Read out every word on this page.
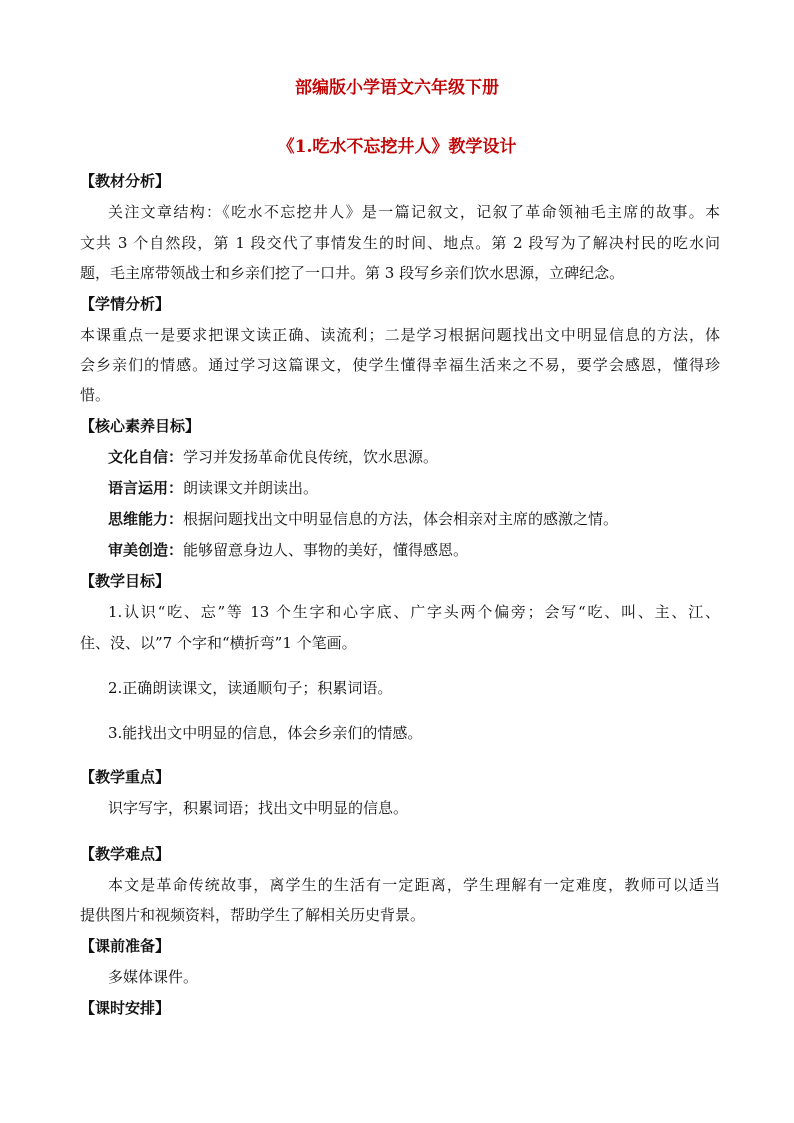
部编版小学语文六年级下册
《1.吃水不忘挖井人》教学设计
【教材分析】
关注文章结构：《吃水不忘挖井人》是一篇记叙文，记叙了革命领袖毛主席的故事。本
文共 3 个自然段，第 1 段交代了事情发生的时间、地点。第 2 段写为了解决村民的吃水问
题，毛主席带领战士和乡亲们挖了一口井。第 3 段写乡亲们饮水思源，立碑纪念。
【学情分析】
本课重点一是要求把课文读正确、读流利；二是学习根据问题找出文中明显信息的方法，体
会乡亲们的情感。通过学习这篇课文，使学生懂得幸福生活来之不易，要学会感恩，懂得珍
惜。
【核心素养目标】
文化自信：学习并发扬革命优良传统，饮水思源。
语言运用：朗读课文并朗读出。
思维能力：根据问题找出文中明显信息的方法，体会相亲对主席的感激之情。
审美创造：能够留意身边人、事物的美好，懂得感恩。
【教学目标】
1.认识“吃、忘”等 13 个生字和心字底、广字头两个偏旁；会写“吃、叫、主、江、
住、没、以”7 个字和“横折弯”1 个笔画。
2.正确朗读课文，读通顺句子；积累词语。
3.能找出文中明显的信息，体会乡亲们的情感。
【教学重点】
识字写字，积累词语；找出文中明显的信息。
【教学难点】
本文是革命传统故事，离学生的生活有一定距离，学生理解有一定难度，教师可以适当
提供图片和视频资料，帮助学生了解相关历史背景。
【课前准备】
多媒体课件。
【课时安排】
